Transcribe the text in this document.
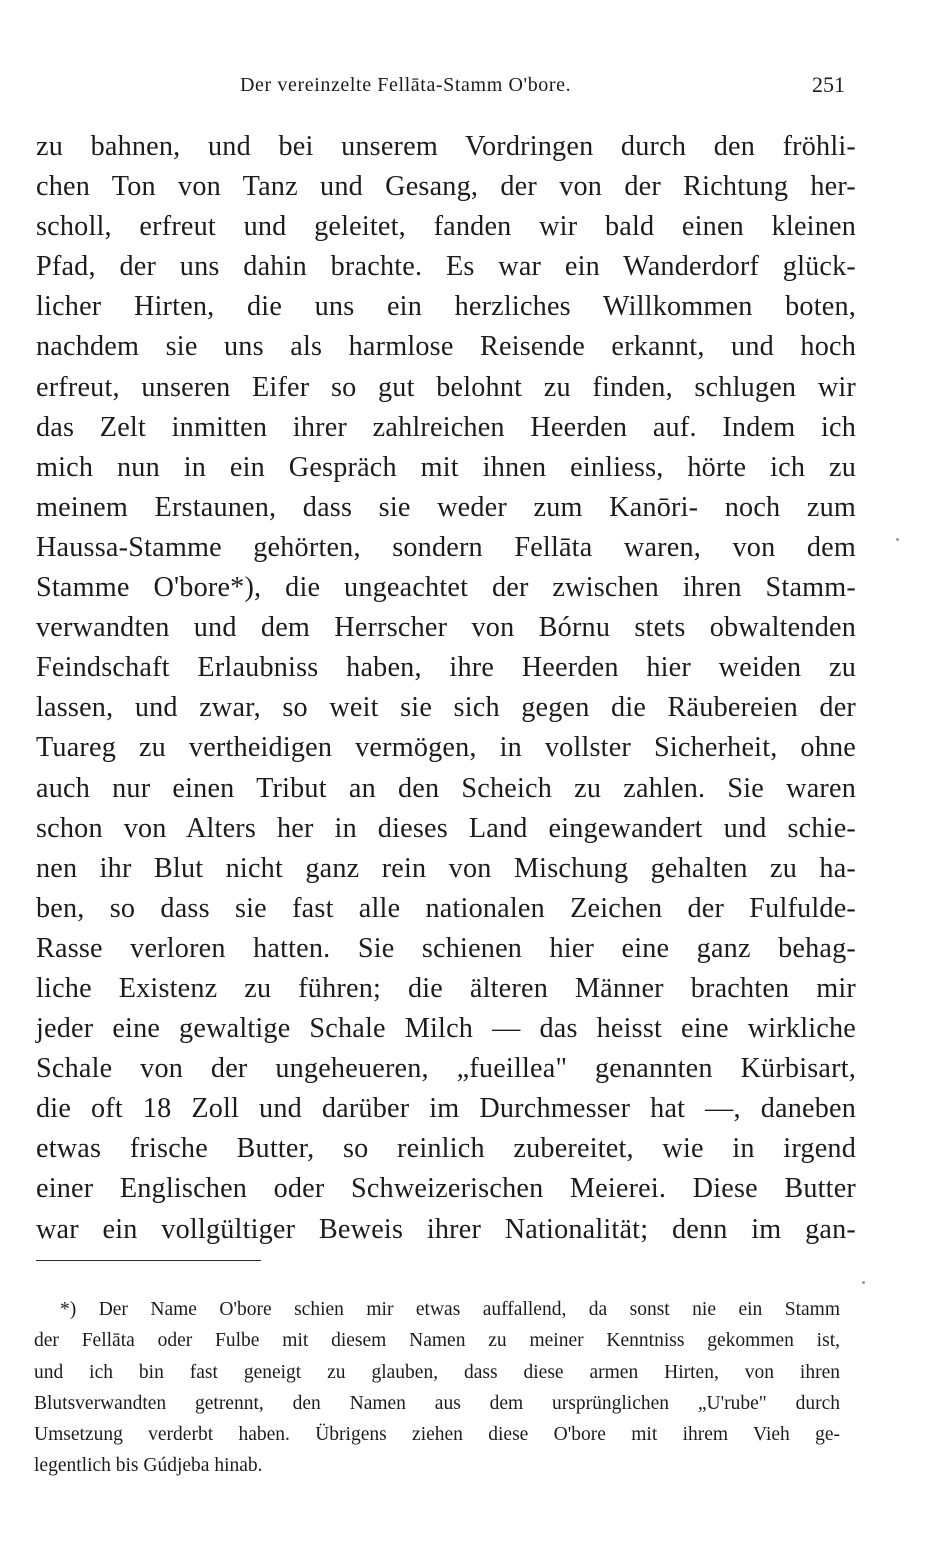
Der vereinzelte Fellāta-Stamm O'bore.	251
zu bahnen, und bei unserem Vordringen durch den fröhli-
chen Ton von Tanz und Gesang, der von der Richtung her-
scholl, erfreut und geleitet, fanden wir bald einen kleinen
Pfad, der uns dahin brachte. Es war ein Wanderdorf glück-
licher Hirten, die uns ein herzliches Willkommen boten,
nachdem sie uns als harmlose Reisende erkannt, und hoch
erfreut, unseren Eifer so gut belohnt zu finden, schlugen wir
das Zelt inmitten ihrer zahlreichen Heerden auf. Indem ich
mich nun in ein Gespräch mit ihnen einliess, hörte ich zu
meinem Erstaunen, dass sie weder zum Kanōri- noch zum
Haussa-Stamme gehörten, sondern Fellāta waren, von dem
Stamme O'bore*), die ungeachtet der zwischen ihren Stamm-
verwandten und dem Herrscher von Bórnu stets obwaltenden
Feindschaft Erlaubniss haben, ihre Heerden hier weiden zu
lassen, und zwar, so weit sie sich gegen die Räubereien der
Tuareg zu vertheidigen vermögen, in vollster Sicherheit, ohne
auch nur einen Tribut an den Scheich zu zahlen. Sie waren
schon von Alters her in dieses Land eingewandert und schie-
nen ihr Blut nicht ganz rein von Mischung gehalten zu ha-
ben, so dass sie fast alle nationalen Zeichen der Fulfulde-
Rasse verloren hatten. Sie schienen hier eine ganz behag-
liche Existenz zu führen; die älteren Männer brachten mir
jeder eine gewaltige Schale Milch — das heisst eine wirkliche
Schale von der ungeheueren, „fueillea" genannten Kürbisart,
die oft 18 Zoll und darüber im Durchmesser hat —, daneben
etwas frische Butter, so reinlich zubereitet, wie in irgend
einer Englischen oder Schweizerischen Meierei. Diese Butter
war ein vollgültiger Beweis ihrer Nationalität; denn im gan-
*) Der Name O'bore schien mir etwas auffallend, da sonst nie ein Stamm
der Fellāta oder Fulbe mit diesem Namen zu meiner Kenntniss gekommen ist,
und ich bin fast geneigt zu glauben, dass diese armen Hirten, von ihren
Blutsverwandten getrennt, den Namen aus dem ursprünglichen „U'rube" durch
Umsetzung verderbt haben. Übrigens ziehen diese O'bore mit ihrem Vieh ge-
legentlich bis Gúdjeba hinab.
